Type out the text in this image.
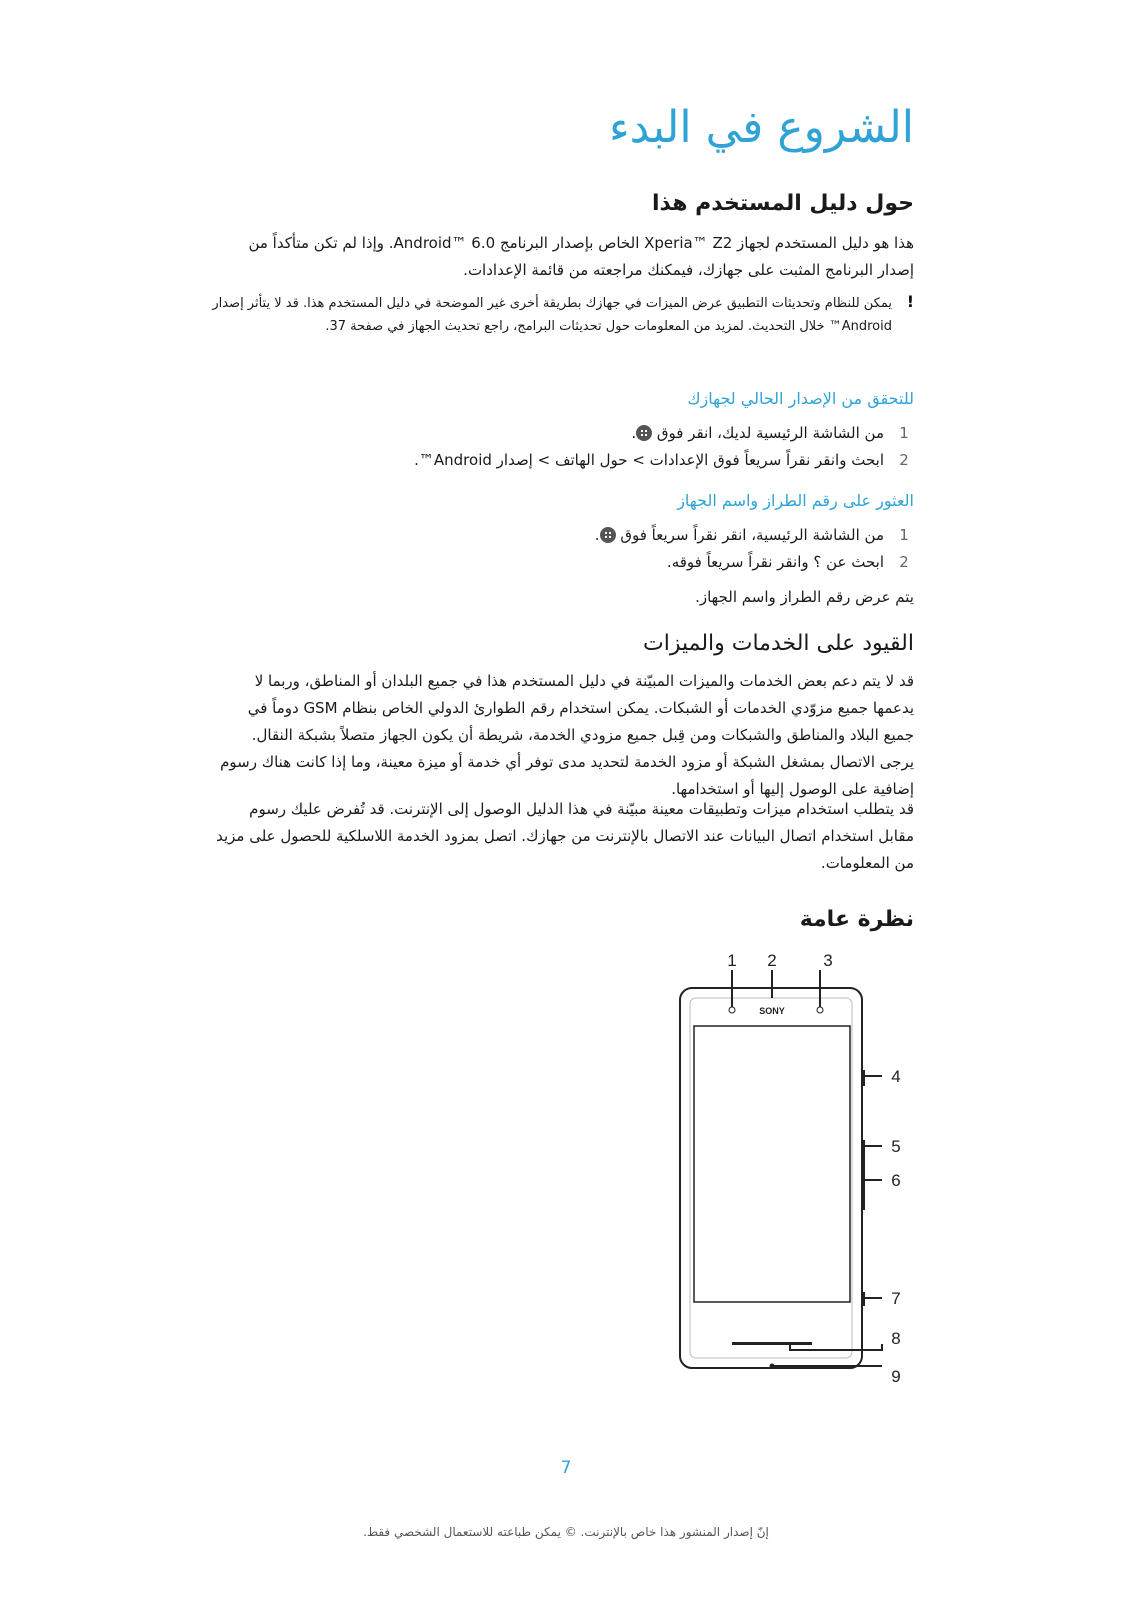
الشروع في البدء
حول دليل المستخدم هذا
هذا هو دليل المستخدم لجهاز Xperia™ Z2 الخاص بإصدار البرنامج Android™ 6.0. وإذا لم تكن متأكداً من إصدار البرنامج المثبت على جهازك، فيمكنك مراجعته من قائمة الإعدادات.
!
يمكن للنظام وتحديثات التطبيق عرض الميزات في جهازك بطريقة أخرى غير الموضحة في دليل المستخدم هذا. قد لا يتأثر إصدار Android™ خلال التحديث. لمزيد من المعلومات حول تحديثات البرامج، راجع تحديث الجهاز في صفحة 37.
للتحقق من الإصدار الحالي لجهازك
1
من الشاشة الرئيسية لديك، انقر فوق .
2
ابحث وانقر نقراً سريعاً فوق الإعدادات > حول الهاتف > إصدار Android™.
العثور على رقم الطراز واسم الجهاز
1
من الشاشة الرئيسية، انقر نقراً سريعاً فوق .
2
ابحث عن ؟ وانقر نقراً سريعاً فوقه.
يتم عرض رقم الطراز واسم الجهاز.
القيود على الخدمات والميزات
قد لا يتم دعم بعض الخدمات والميزات المبيّنة في دليل المستخدم هذا في جميع البلدان أو المناطق، وربما لا يدعمها جميع مزوّدي الخدمات أو الشبكات. يمكن استخدام رقم الطوارئ الدولي الخاص بنظام GSM دوماً في جميع البلاد والمناطق والشبكات ومن قِبل جميع مزودي الخدمة، شريطة أن يكون الجهاز متصلاً بشبكة النقال. يرجى الاتصال بمشغل الشبكة أو مزود الخدمة لتحديد مدى توفر أي خدمة أو ميزة معينة، وما إذا كانت هناك رسوم إضافية على الوصول إليها أو استخدامها.
قد يتطلب استخدام ميزات وتطبيقات معينة مبيّنة في هذا الدليل الوصول إلى الإنترنت. قد تُفرض عليك رسوم مقابل استخدام اتصال البيانات عند الاتصال بالإنترنت من جهازك. اتصل بمزود الخدمة اللاسلكية للحصول على مزيد من المعلومات.
نظرة عامة
SONY
1 2	3
4
5
6
7
8
9
7
إنّ إصدار المنشور هذا خاص بالإنترنت. © يمكن طباعته للاستعمال الشخصي فقط.
